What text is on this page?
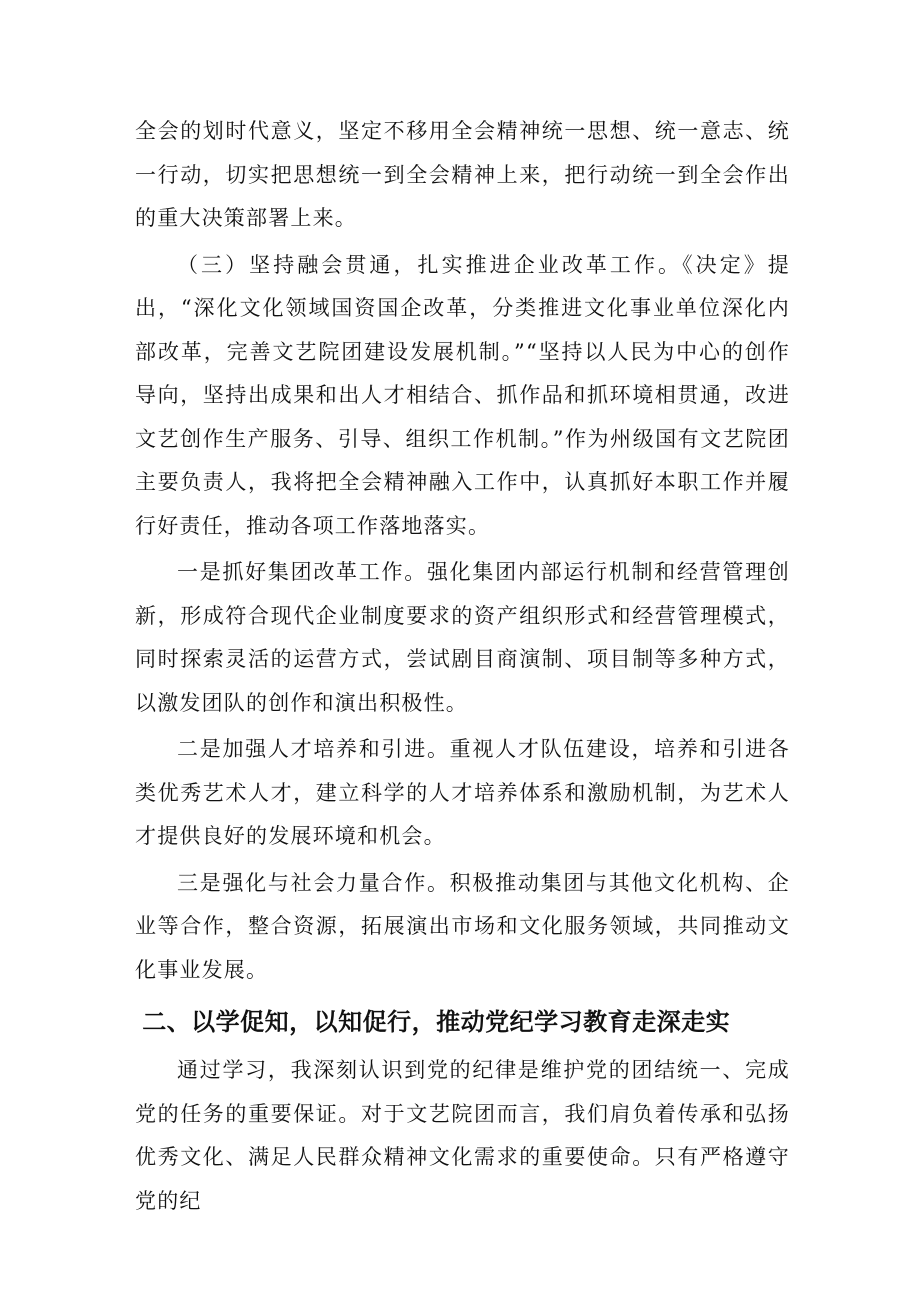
全会的划时代意义，坚定不移用全会精神统一思想、统一意志、统一行动，切实把思想统一到全会精神上来，把行动统一到全会作出的重大决策部署上来。

（三）坚持融会贯通，扎实推进企业改革工作。《决定》提出，“深化文化领域国资国企改革，分类推进文化事业单位深化内部改革，完善文艺院团建设发展机制。”“坚持以人民为中心的创作导向，坚持出成果和出人才相结合、抓作品和抓环境相贯通，改进文艺创作生产服务、引导、组织工作机制。”作为州级国有文艺院团主要负责人，我将把全会精神融入工作中，认真抓好本职工作并履行好责任，推动各项工作落地落实。

一是抓好集团改革工作。强化集团内部运行机制和经营管理创新，形成符合现代企业制度要求的资产组织形式和经营管理模式，同时探索灵活的运营方式，尝试剧目商演制、项目制等多种方式，以激发团队的创作和演出积极性。

二是加强人才培养和引进。重视人才队伍建设，培养和引进各类优秀艺术人才，建立科学的人才培养体系和激励机制，为艺术人才提供良好的发展环境和机会。

三是强化与社会力量合作。积极推动集团与其他文化机构、企业等合作，整合资源，拓展演出市场和文化服务领域，共同推动文化事业发展。

二、以学促知，以知促行，推动党纪学习教育走深走实

通过学习，我深刻认识到党的纪律是维护党的团结统一、完成党的任务的重要保证。对于文艺院团而言，我们肩负着传承和弘扬优秀文化、满足人民群众精神文化需求的重要使命。只有严格遵守党的纪
